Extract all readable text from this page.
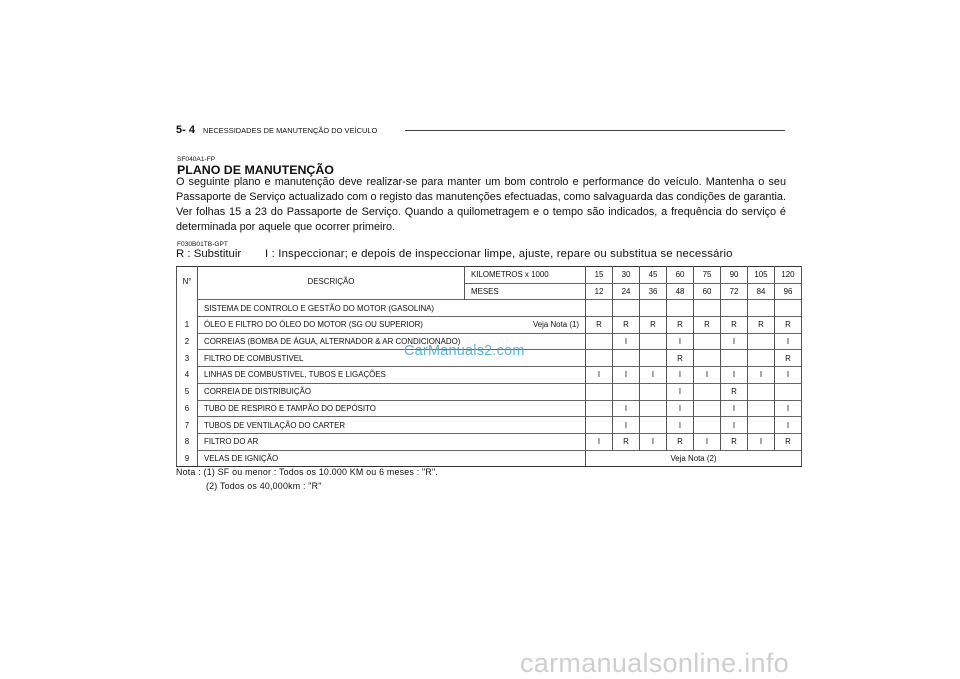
5- 4 NECESSIDADES DE MANUTENÇÃO DO VEÍCULO
SF040A1-FP
PLANO DE MANUTENÇÃO
O seguinte plano e manutenção deve realizar-se para manter um bom controlo e performance do veículo. Mantenha o seu Passaporte de Serviço actualizado com o registo das manutenções efectuadas, como salvaguarda das condições de garantia. Ver folhas 15 a 23 do Passaporte de Serviço. Quando a quilometragem e o tempo são indicados, a frequência do serviço é determinada por aquele que ocorrer primeiro.
F030B01TB-GPT
R : Substituir I : Inspeccionar; e depois de inspeccionar limpe, ajuste, repare ou substitua se necessário
N°	DESCRIÇÃO	KILOMETROS x 1000	15	30	45	60	75	90	105	120
		MESES	12	24	36	48	60	72	84	96
	SISTEMA DE CONTROLO E GESTÃO DO MOTOR (GASOLINA)									
1	ÓLEO E FILTRO DO ÓLEO DO MOTOR (SG OU SUPERIOR) Veja Nota (1)		R	R	R	R	R	R	R	R
2	CORREIAS (BOMBA DE ÁGUA, ALTERNADOR & AR CONDICIONADO)			I		I		I		I
3	FILTRO DE COMBUSTIVEL					R				R
4	LINHAS DE COMBUSTIVEL, TUBOS E LIGAÇÕES		I	I	I	I	I	I	I	I
5	CORREIA DE DISTRIBUIÇÃO					I		R		
6	TUBO DE RESPIRO E TAMPÃO DO DEPÓSITO			I		I		I		I
7	TUBOS DE VENTILAÇÃO DO CARTER			I		I		I		I
8	FILTRO DO AR		I	R	I	R	I	R	I	R
9	VELAS DE IGNIÇÃO		Veja Nota (2)							
CarManuals2.com
Nota : (1) SF ou menor : Todos os 10.000 KM ou 6 meses : "R".
(2) Todos os 40,000km : "R"
carmanualsonline.info
